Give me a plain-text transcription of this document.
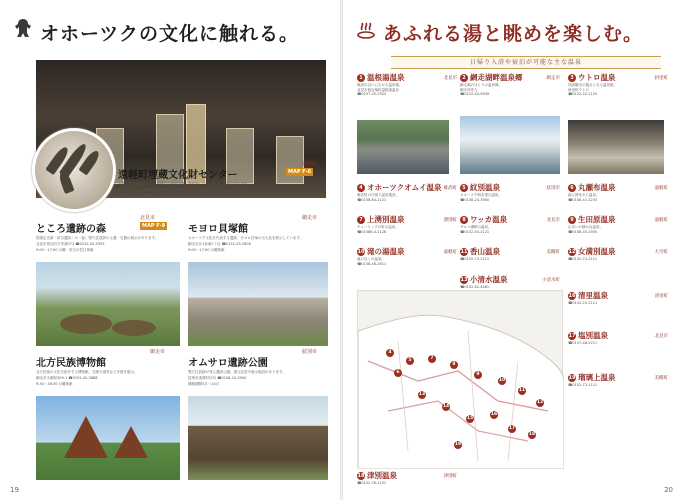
オホーツクの文化に触れる。
遠軽町埋蔵文化財センター	MAP F-6
遠軽町
今年に旧石器時代から「黒曜石の産地白滝」を紹介している施設。遺跡の出土品や
資料を展示し、黒曜石の石器製作を体験することができます。
遠軽町白滝138-1 ☎0158-48-2213 9:00〜17:00 月曜休館(祝日の場合翌日)
ところ遺跡の森	MAP F-9
北見市
国指定史跡「常呂遺跡」の一部。竪穴住居跡や土器・石器の展示があります。
北見市常呂町字栄浦371 ☎0152-54-3393
9:00〜17:00 月曜・祝日の翌日休館
モヨロ貝塚館
網走市
オホーツク文化を代表する遺跡、モヨロ貝塚の出土品を展示しています。
網走市北1条東2丁目 ☎0152-43-2608
9:00〜17:00 月曜休館
北方民族博物館
網走市
北方民族の文化を紹介する博物館。衣服や道具など多数を展示。
網走市字潮見309-1 ☎0152-45-3888
9:30〜16:30 月曜休館
オムサロ遺跡公園
紋別市
竪穴住居跡が残る遺跡公園。復元住居や展示施設があります。
紋別市渚滑町川向 ☎0158-24-3900
開館期間5月〜10月
19
あふれる湯と眺めを楽しむ。
20
日帰り入浴や宿泊が可能な主な温泉
1 温根湯温泉	北見市
無加川沿いに広がる温泉街。
北見市留辺蘂町温根湯温泉
☎0157-45-2924
2 網走湖畔温泉郷	網走市
網走湖のほとりの温泉郷。
網走市呼人
☎0152-44-5849
3 ウトロ温泉	斜里町
知床観光の拠点となる温泉街。
斜里町ウトロ
☎0152-22-2125
4 オホーツクオムイ温泉 雄武町
雄武町の日帰り温泉施設。
☎0158-84-2121
5 紋別温泉	紋別市
オホーツク海を望む温泉。
☎0158-24-3900
6 丸瀬布温泉	遠軽町
森に囲まれた温泉。
☎0158-47-2233
7 上湧別温泉	湧別町
チューリップの町の温泉。
☎01586-4-1126
8 ワッカ温泉	北見市
サロマ湖畔の温泉。
☎0152-54-2121
9 生田原温泉	遠軽町
山あいの静かな温泉。
☎0158-45-2930
10 滝の湯温泉	遠軽町
滝の近くの温泉。
☎0158-48-2611
11 香山温泉	美幌町
☎0152-73-1111
12 女満別温泉	大空町
☎0152-74-2111
13 小清水温泉	小清水町
☎0152-62-4481
16 清里温泉	清里町
☎0152-25-2111
17 塩別温泉	北見市
☎0157-46-2211
18 津別温泉	津別町
☎0152-76-2151
19 瑠璃上温泉	美幌町
☎0152-73-1111
4
5
6
7
8
9
10
11
12
13
14
15
16
17
18
19
